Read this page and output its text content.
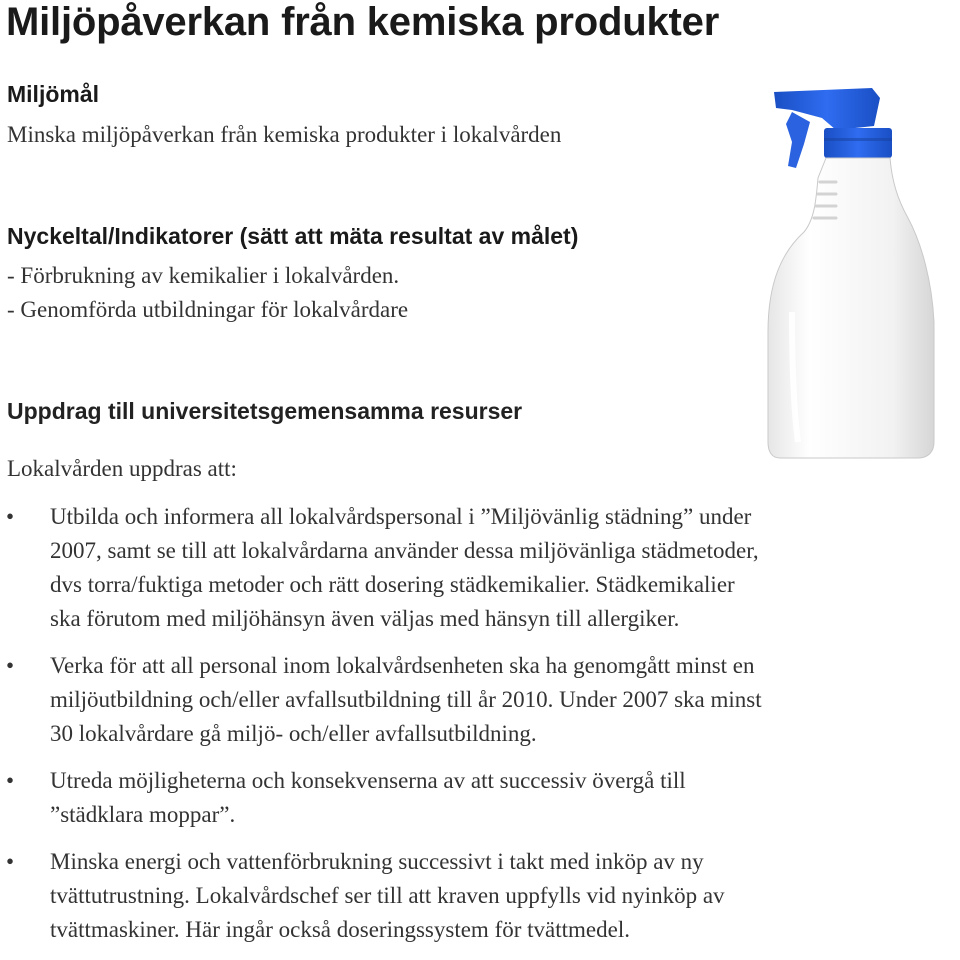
Miljöpåverkan från kemiska produkter
Miljömål

Minska miljöpåverkan från kemiska produkter i lokalvården

Nyckeltal/Indikatorer (sätt att mäta resultat av målet)

- Förbrukning av kemikalier i lokalvården.

- Genomförda utbildningar för lokalvårdare

Uppdrag till universitetsgemensamma resurser

Lokalvården uppdras att:

• Utbilda och informera all lokalvårdspersonal i ”Miljövänlig städning” under
2007, samt se till att lokalvårdarna använder dessa miljövänliga städmetoder,
dvs torra/fuktiga metoder och rätt dosering städkemikalier. Städkemikalier
ska förutom med miljöhänsyn även väljas med hänsyn till allergiker.
• Verka för att all personal inom lokalvårdsenheten ska ha genomgått minst en
miljöutbildning och/eller avfallsutbildning till år 2010. Under 2007 ska minst
30 lokalvårdare gå miljö- och/eller avfallsutbildning.
• Utreda möjligheterna och konsekvenserna av att successiv övergå till
”städklara moppar”.
• Minska energi och vattenförbrukning successivt i takt med inköp av ny
tvättutrustning. Lokalvårdschef ser till att kraven uppfylls vid nyinköp av
tvättmaskiner. Här ingår också doseringssystem för tvättmedel.
